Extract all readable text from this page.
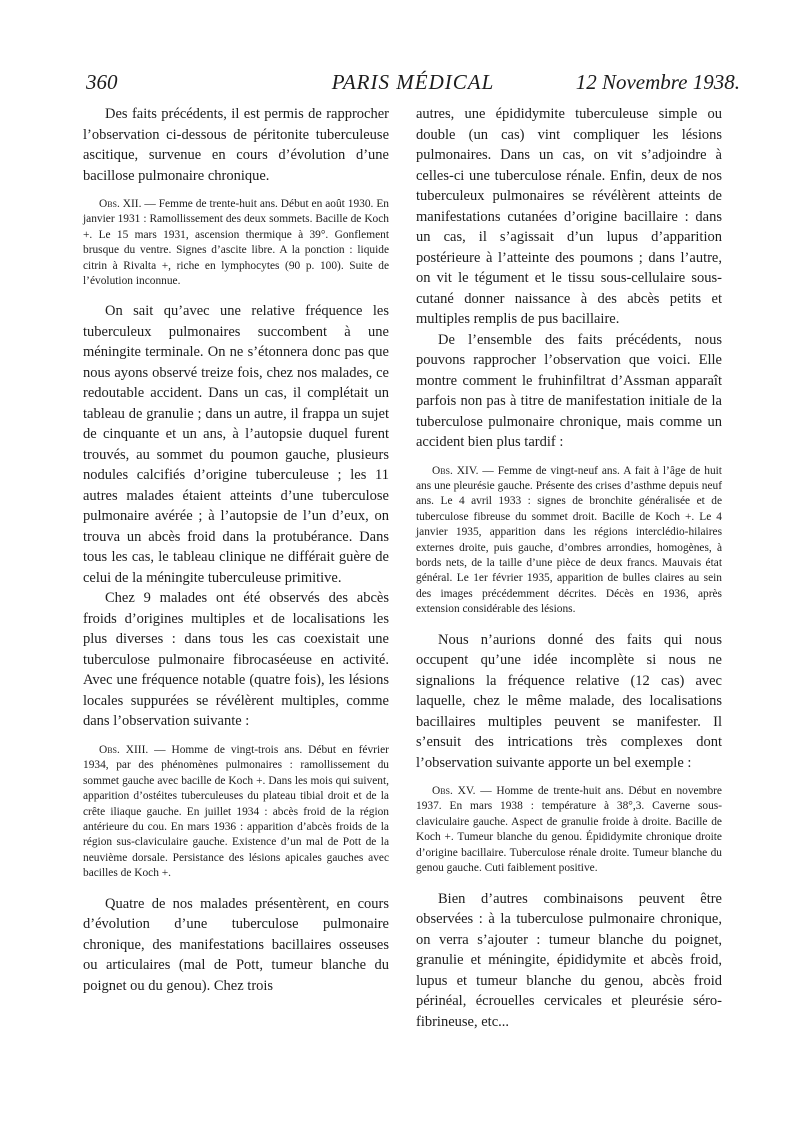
360	PARIS MÉDICAL	12 Novembre 1938.

Des faits précédents, il est permis de rapprocher l’observation ci-dessous de péritonite tuberculeuse ascitique, survenue en cours d’évolution d’une bacillose pulmonaire chronique.

Obs. XII. — Femme de trente-huit ans. Début en août 1930. En janvier 1931 : Ramollissement des deux sommets. Bacille de Koch +. Le 15 mars 1931, ascension thermique à 39°. Gonflement brusque du ventre. Signes d’ascite libre. A la ponction : liquide citrin à Rivalta +, riche en lymphocytes (90 p. 100). Suite de l’évolution inconnue.

On sait qu’avec une relative fréquence les tuberculeux pulmonaires succombent à une méningite terminale. On ne s’étonnera donc pas que nous ayons observé treize fois, chez nos malades, ce redoutable accident. Dans un cas, il complétait un tableau de granulie ; dans un autre, il frappa un sujet de cinquante et un ans, à l’autopsie duquel furent trouvés, au sommet du poumon gauche, plusieurs nodules calcifiés d’origine tuberculeuse ; les 11 autres malades étaient atteints d’une tuberculose pulmonaire avérée ; à l’autopsie de l’un d’eux, on trouva un abcès froid dans la protubérance. Dans tous les cas, le tableau clinique ne différait guère de celui de la méningite tuberculeuse primitive.

Chez 9 malades ont été observés des abcès froids d’origines multiples et de localisations les plus diverses : dans tous les cas coexistait une tuberculose pulmonaire fibrocaséeuse en activité. Avec une fréquence notable (quatre fois), les lésions locales suppurées se révélèrent multiples, comme dans l’observation suivante :

Obs. XIII. — Homme de vingt-trois ans. Début en février 1934, par des phénomènes pulmonaires : ramollissement du sommet gauche avec bacille de Koch +. Dans les mois qui suivent, apparition d’ostéites tuberculeuses du plateau tibial droit et de la crête iliaque gauche. En juillet 1934 : abcès froid de la région antérieure du cou. En mars 1936 : apparition d’abcès froids de la région sus-claviculaire gauche. Existence d’un mal de Pott de la neuvième dorsale. Persistance des lésions apicales gauches avec bacilles de Koch +.

Quatre de nos malades présentèrent, en cours d’évolution d’une tuberculose pulmonaire chronique, des manifestations bacillaires osseuses ou articulaires (mal de Pott, tumeur blanche du poignet ou du genou). Chez trois

autres, une épididymite tuberculeuse simple ou double (un cas) vint compliquer les lésions pulmonaires. Dans un cas, on vit s’adjoindre à celles-ci une tuberculose rénale. Enfin, deux de nos tuberculeux pulmonaires se révélèrent atteints de manifestations cutanées d’origine bacillaire : dans un cas, il s’agissait d’un lupus d’apparition postérieure à l’atteinte des poumons ; dans l’autre, on vit le tégument et le tissu sous-cellulaire sous-cutané donner naissance à des abcès petits et multiples remplis de pus bacillaire.

De l’ensemble des faits précédents, nous pouvons rapprocher l’observation que voici. Elle montre comment le fruhinfiltrat d’Assman apparaît parfois non pas à titre de manifestation initiale de la tuberculose pulmonaire chronique, mais comme un accident bien plus tardif :

Obs. XIV. — Femme de vingt-neuf ans. A fait à l’âge de huit ans une pleurésie gauche. Présente des crises d’asthme depuis neuf ans. Le 4 avril 1933 : signes de bronchite généralisée et de tuberculose fibreuse du sommet droit. Bacille de Koch +. Le 4 janvier 1935, apparition dans les régions interclédio-hilaires externes droite, puis gauche, d’ombres arrondies, homogènes, à bords nets, de la taille d’une pièce de deux francs. Mauvais état général. Le 1er février 1935, apparition de bulles claires au sein des images précédemment décrites. Décès en 1936, après extension considérable des lésions.

Nous n’aurions donné des faits qui nous occupent qu’une idée incomplète si nous ne signalions la fréquence relative (12 cas) avec laquelle, chez le même malade, des localisations bacillaires multiples peuvent se manifester. Il s’ensuit des intrications très complexes dont l’observation suivante apporte un bel exemple :

Obs. XV. — Homme de trente-huit ans. Début en novembre 1937. En mars 1938 : température à 38°,3. Caverne sous-claviculaire gauche. Aspect de granulie froide à droite. Bacille de Koch +. Tumeur blanche du genou. Épididymite chronique droite d’origine bacillaire. Tuberculose rénale droite. Tumeur blanche du genou gauche. Cuti faiblement positive.

Bien d’autres combinaisons peuvent être observées : à la tuberculose pulmonaire chronique, on verra s’ajouter : tumeur blanche du poignet, granulie et méningite, épididymite et abcès froid, lupus et tumeur blanche du genou, abcès froid périnéal, écrouelles cervicales et pleurésie séro-fibrineuse, etc...
